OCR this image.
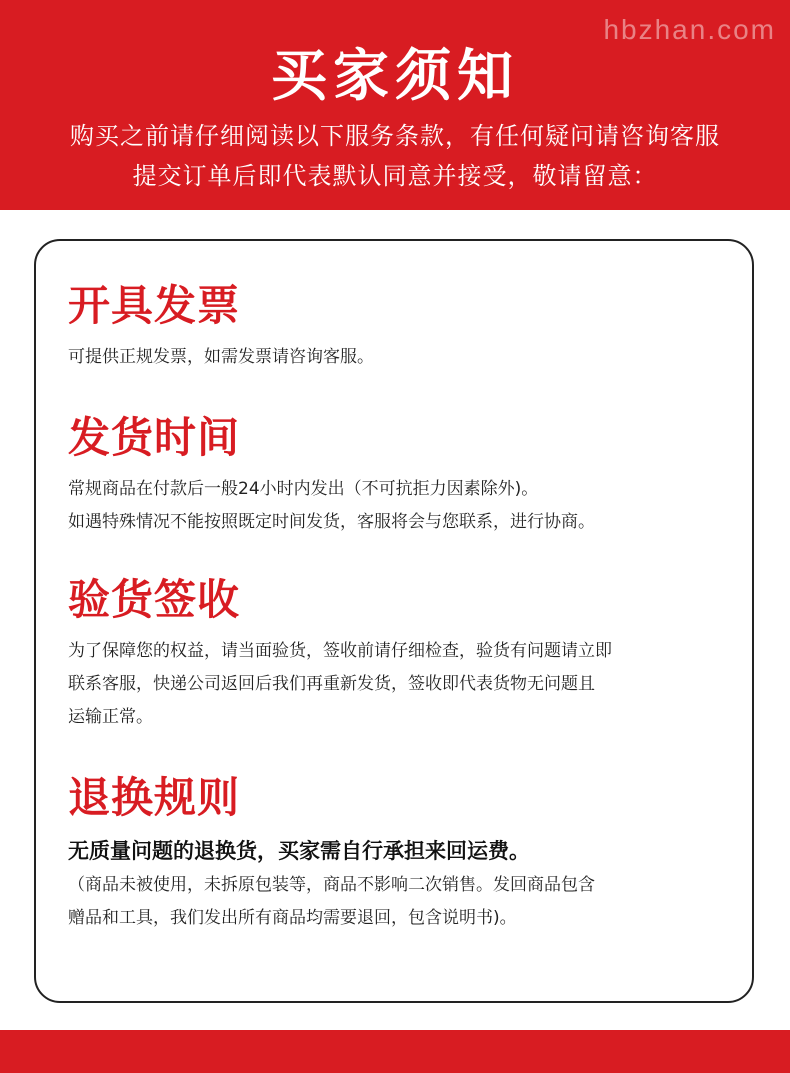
hbzhan.com
买家须知
购买之前请仔细阅读以下服务条款，有任何疑问请咨询客服
提交订单后即代表默认同意并接受，敬请留意：
开具发票
可提供正规发票，如需发票请咨询客服。
发货时间
常规商品在付款后一般24小时内发出（不可抗拒力因素除外)。
如遇特殊情况不能按照既定时间发货，客服将会与您联系，进行协商。
验货签收
为了保障您的权益，请当面验货，签收前请仔细检查，验货有问题请立即
联系客服，快递公司返回后我们再重新发货，签收即代表货物无问题且
运输正常。
退换规则
无质量问题的退换货，买家需自行承担来回运费。
（商品未被使用，未拆原包装等，商品不影响二次销售。发回商品包含
赠品和工具，我们发出所有商品均需要退回，包含说明书)。
